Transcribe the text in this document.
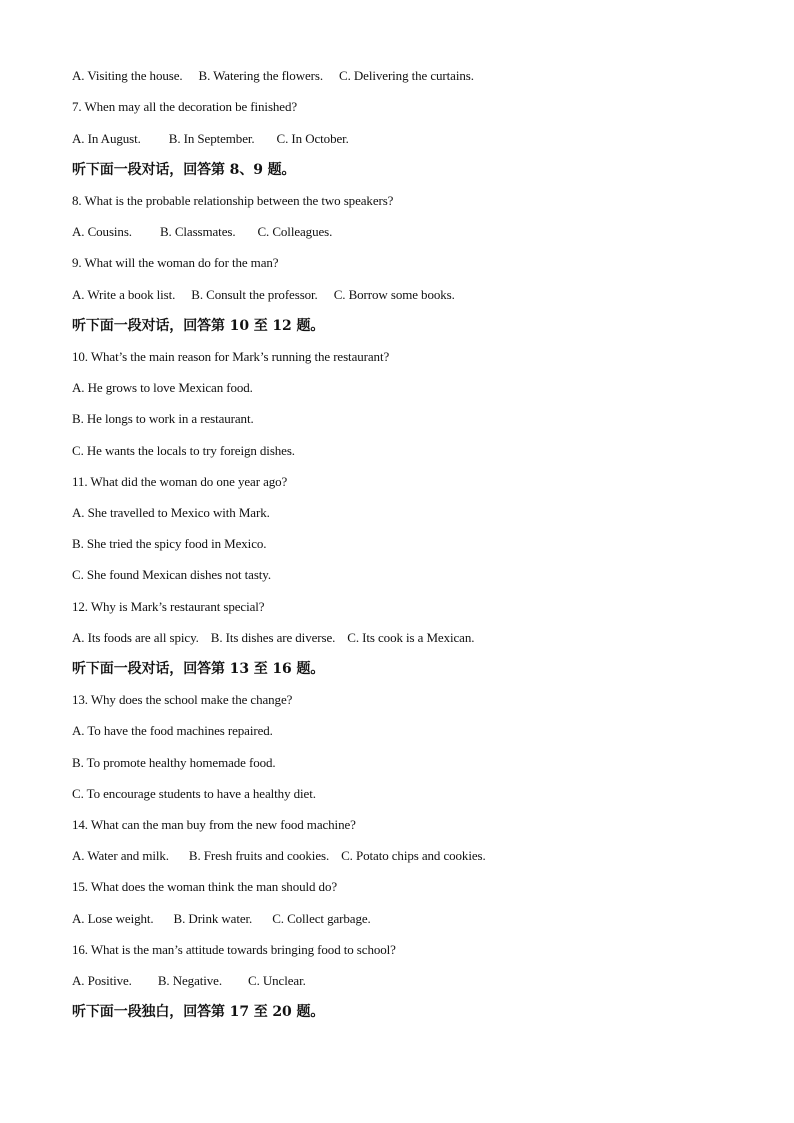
A. Visiting the house. B. Watering the flowers. C. Delivering the curtains.
7. When may all the decoration be finished?
A. In August. B. In September. C. In October.
听下面一段对话，回答第 8、9 题。
8. What is the probable relationship between the two speakers?
A. Cousins. B. Classmates. C. Colleagues.
9. What will the woman do for the man?
A. Write a book list. B. Consult the professor. C. Borrow some books.
听下面一段对话，回答第 10 至 12 题。
10. What’s the main reason for Mark’s running the restaurant?
A. He grows to love Mexican food.
B. He longs to work in a restaurant.
C. He wants the locals to try foreign dishes.
11. What did the woman do one year ago?
A. She travelled to Mexico with Mark.
B. She tried the spicy food in Mexico.
C. She found Mexican dishes not tasty.
12. Why is Mark’s restaurant special?
A. Its foods are all spicy. B. Its dishes are diverse. C. Its cook is a Mexican.
听下面一段对话，回答第 13 至 16 题。
13. Why does the school make the change?
A. To have the food machines repaired.
B. To promote healthy homemade food.
C. To encourage students to have a healthy diet.
14. What can the man buy from the new food machine?
A. Water and milk. B. Fresh fruits and cookies. C. Potato chips and cookies.
15. What does the woman think the man should do?
A. Lose weight. B. Drink water. C. Collect garbage.
16. What is the man’s attitude towards bringing food to school?
A. Positive. B. Negative. C. Unclear.
听下面一段独白，回答第 17 至 20 题。
